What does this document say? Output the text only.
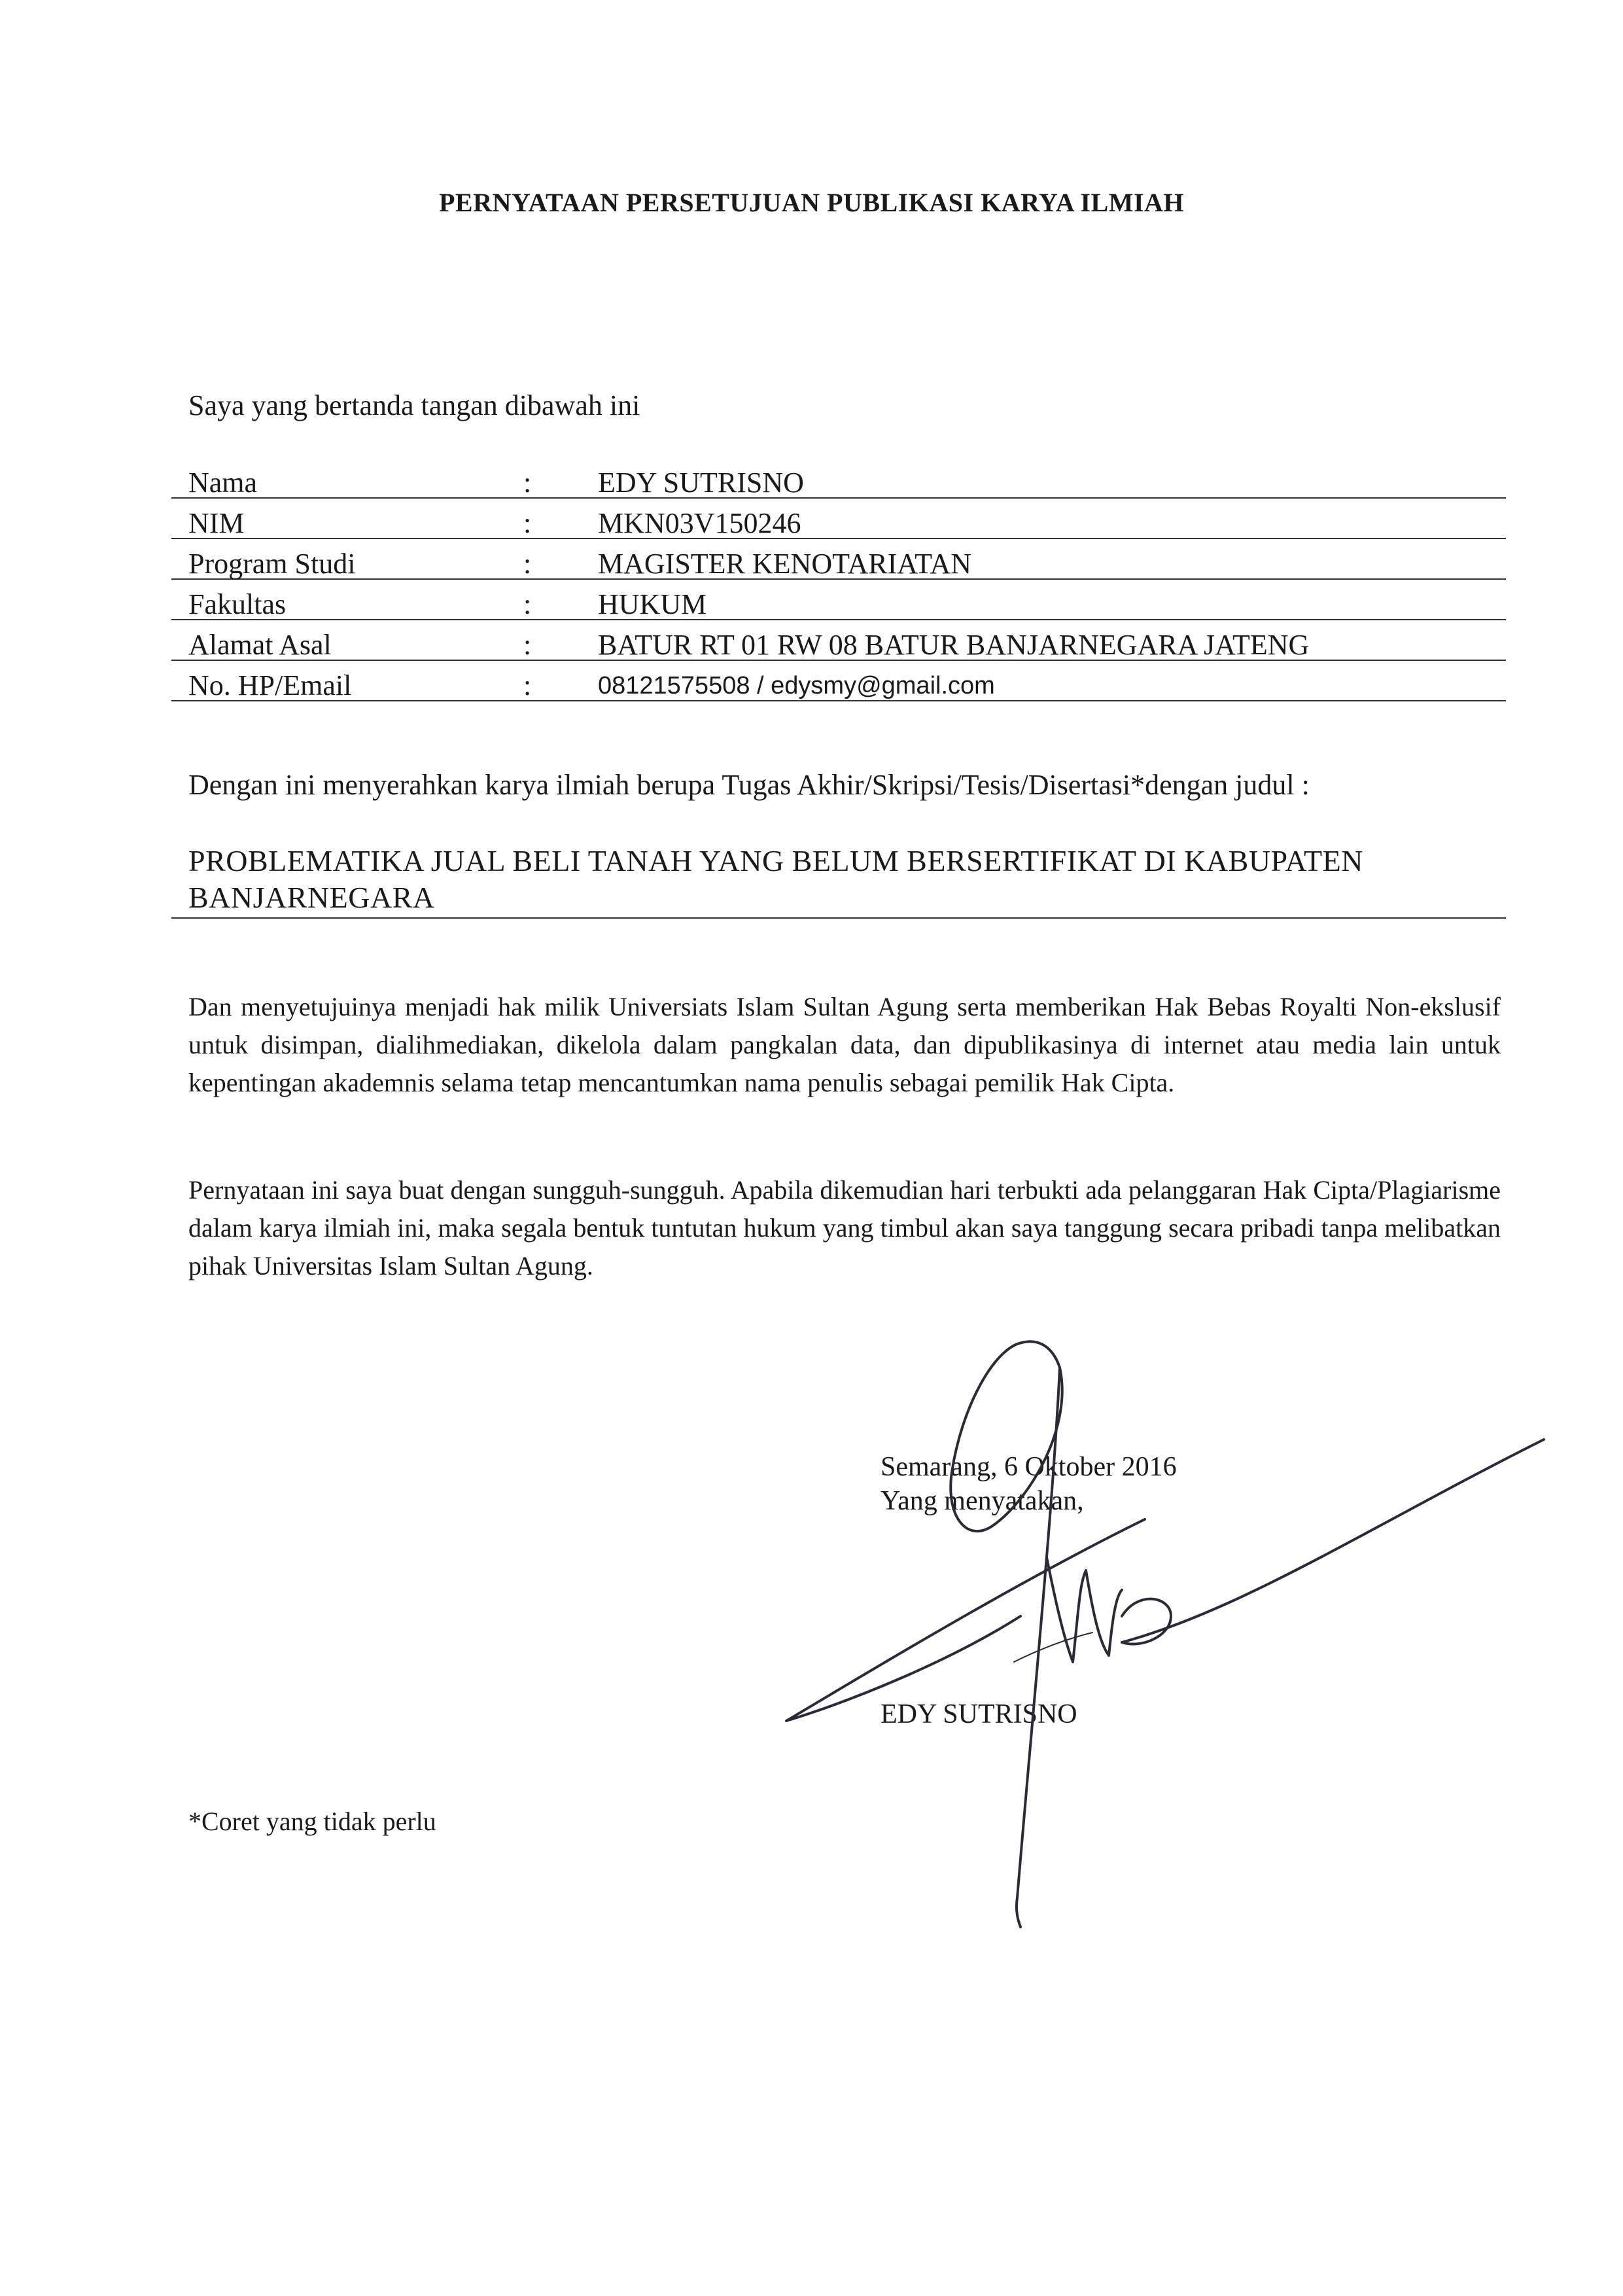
PERNYATAAN PERSETUJUAN PUBLIKASI KARYA ILMIAH
Saya yang bertanda tangan dibawah ini
Nama	:	EDY SUTRISNO
NIM	:	MKN03V150246
Program Studi	:	MAGISTER KENOTARIATAN
Fakultas	:	HUKUM
Alamat Asal	:	BATUR RT 01 RW 08 BATUR BANJARNEGARA JATENG
No. HP/Email	:	08121575508 / edysmy@gmail.com
Dengan ini menyerahkan karya ilmiah berupa Tugas Akhir/Skripsi/Tesis/Disertasi*dengan judul :
PROBLEMATIKA JUAL BELI TANAH YANG BELUM BERSERTIFIKAT DI KABUPATEN BANJARNEGARA
Dan menyetujuinya menjadi hak milik Universiats Islam Sultan Agung serta memberikan Hak Bebas Royalti Non-ekslusif untuk disimpan, dialihmediakan, dikelola dalam pangkalan data, dan dipublikasinya di internet atau media lain untuk kepentingan akademnis selama tetap mencantumkan nama penulis sebagai pemilik Hak Cipta.
Pernyataan ini saya buat dengan sungguh-sungguh. Apabila dikemudian hari terbukti ada pelanggaran Hak Cipta/Plagiarisme dalam karya ilmiah ini, maka segala bentuk tuntutan hukum yang timbul akan saya tanggung secara pribadi tanpa melibatkan pihak Universitas Islam Sultan Agung.
Semarang, 6 Oktober 2016
Yang menyatakan,
EDY SUTRISNO
*Coret yang tidak perlu
